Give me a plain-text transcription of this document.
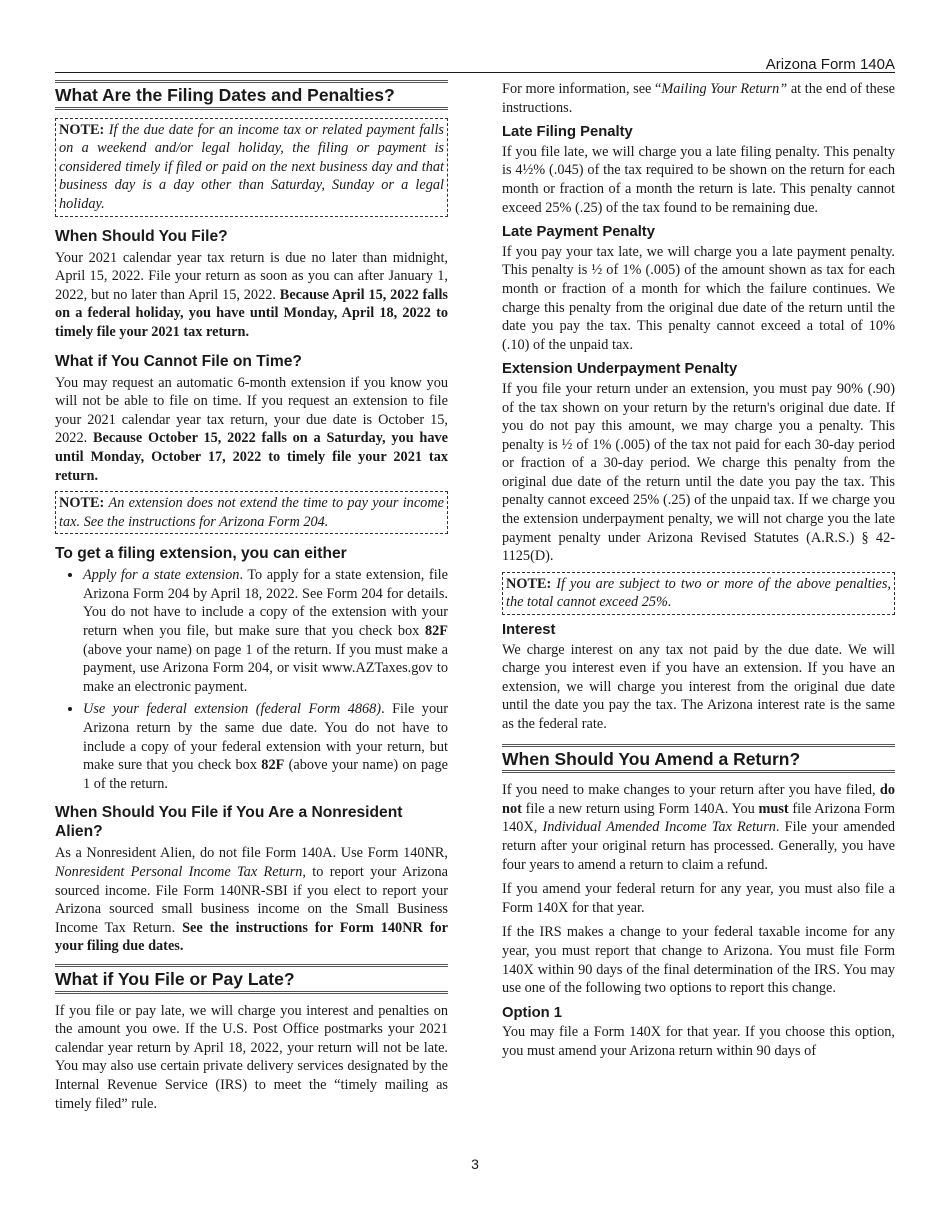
Arizona Form 140A
What Are the Filing Dates and Penalties?
NOTE: If the due date for an income tax or related payment falls on a weekend and/or legal holiday, the filing or payment is considered timely if filed or paid on the next business day and that business day is a day other than Saturday, Sunday or a legal holiday.
When Should You File?

Your 2021 calendar year tax return is due no later than midnight, April 15, 2022. File your return as soon as you can after January 1, 2022, but no later than April 15, 2022. Because April 15, 2022 falls on a federal holiday, you have until Monday, April 18, 2022 to timely file your 2021 tax return.

What if You Cannot File on Time?

You may request an automatic 6-month extension if you know you will not be able to file on time. If you request an extension to file your 2021 calendar year tax return, your due date is October 15, 2022. Because October 15, 2022 falls on a Saturday, you have until Monday, October 17, 2022 to timely file your 2021 tax return.

NOTE: An extension does not extend the time to pay your income tax. See the instructions for Arizona Form 204.
To get a filing extension, you can either
• Apply for a state extension. To apply for a state extension, file Arizona Form 204 by April 18, 2022. See Form 204 for details. You do not have to include a copy of the extension with your return when you file, but make sure that you check box 82F (above your name) on page 1 of the return. If you must make a payment, use Arizona Form 204, or visit www.AZTaxes.gov to make an electronic payment.
• Use your federal extension (federal Form 4868). File your Arizona return by the same due date. You do not have to include a copy of your federal extension with your return, but make sure that you check box 82F (above your name) on page 1 of the return.
When Should You File if You Are a Nonresident Alien?

As a Nonresident Alien, do not file Form 140A. Use Form 140NR, Nonresident Personal Income Tax Return, to report your Arizona sourced income. File Form 140NR-SBI if you elect to report your Arizona sourced small business income on the Small Business Income Tax Return. See the instructions for Form 140NR for your filing due dates.

What if You File or Pay Late?

If you file or pay late, we will charge you interest and penalties on the amount you owe. If the U.S. Post Office postmarks your 2021 calendar year return by April 18, 2022, your return will not be late. You may also use certain private delivery services designated by the Internal Revenue Service (IRS) to meet the “timely mailing as timely filed” rule.

For more information, see “Mailing Your Return” at the end of these instructions.

Late Filing Penalty

If you file late, we will charge you a late filing penalty. This penalty is 4½% (.045) of the tax required to be shown on the return for each month or fraction of a month the return is late. This penalty cannot exceed 25% (.25) of the tax found to be remaining due.

Late Payment Penalty

If you pay your tax late, we will charge you a late payment penalty. This penalty is ½ of 1% (.005) of the amount shown as tax for each month or fraction of a month for which the failure continues. We charge this penalty from the original due date of the return until the date you pay the tax. This penalty cannot exceed a total of 10% (.10) of the unpaid tax.

Extension Underpayment Penalty

If you file your return under an extension, you must pay 90% (.90) of the tax shown on your return by the return's original due date. If you do not pay this amount, we may charge you a penalty. This penalty is ½ of 1% (.005) of the tax not paid for each 30-day period or fraction of a 30-day period. We charge this penalty from the original due date of the return until the date you pay the tax. This penalty cannot exceed 25% (.25) of the unpaid tax. If we charge you the extension underpayment penalty, we will not charge you the late payment penalty under Arizona Revised Statutes (A.R.S.) § 42-1125(D).

NOTE: If you are subject to two or more of the above penalties, the total cannot exceed 25%.
Interest

We charge interest on any tax not paid by the due date. We will charge you interest even if you have an extension. If you have an extension, we will charge you interest from the original due date until the date you pay the tax. The Arizona interest rate is the same as the federal rate.

When Should You Amend a Return?

If you need to make changes to your return after you have filed, do not file a new return using Form 140A. You must file Arizona Form 140X, Individual Amended Income Tax Return. File your amended return after your original return has processed. Generally, you have four years to amend a return to claim a refund.

If you amend your federal return for any year, you must also file a Form 140X for that year.

If the IRS makes a change to your federal taxable income for any year, you must report that change to Arizona. You must file Form 140X within 90 days of the final determination of the IRS. You may use one of the following two options to report this change.

Option 1

You may file a Form 140X for that year. If you choose this option, you must amend your Arizona return within 90 days of

3
